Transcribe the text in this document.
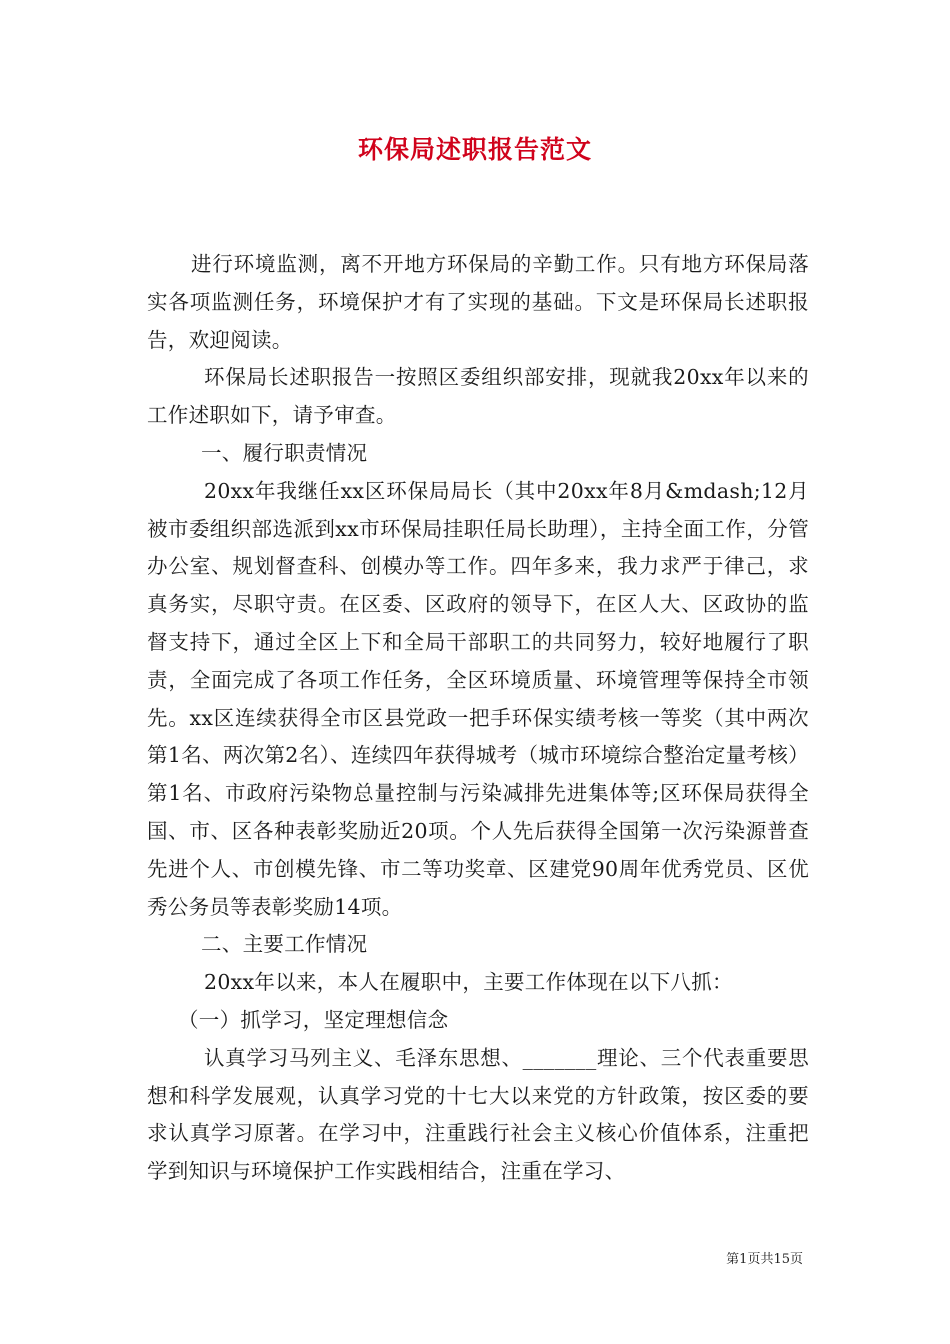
环保局述职报告范文

进行环境监测，离不开地方环保局的辛勤工作。只有地方环保局落实各项监测任务，环境保护才有了实现的基础。下文是环保局长述职报告，欢迎阅读。

环保局长述职报告一按照区委组织部安排，现就我20xx年以来的工作述职如下，请予审查。

一、履行职责情况

20xx年我继任xx区环保局局长（其中20xx年8月&mdash;12月被市委组织部选派到xx市环保局挂职任局长助理），主持全面工作，分管办公室、规划督查科、创模办等工作。四年多来，我力求严于律己，求真务实，尽职守责。在区委、区政府的领导下，在区人大、区政协的监督支持下，通过全区上下和全局干部职工的共同努力，较好地履行了职责，全面完成了各项工作任务，全区环境质量、环境管理等保持全市领先。xx区连续获得全市区县党政一把手环保实绩考核一等奖（其中两次第1名、两次第2名）、连续四年获得城考（城市环境综合整治定量考核）第1名、市政府污染物总量控制与污染减排先进集体等;区环保局获得全国、市、区各种表彰奖励近20项。个人先后获得全国第一次污染源普查先进个人、市创模先锋、市二等功奖章、区建党90周年优秀党员、区优秀公务员等表彰奖励14项。

二、主要工作情况

20xx年以来，本人在履职中，主要工作体现在以下八抓：

（一）抓学习，坚定理想信念

认真学习马列主义、毛泽东思想、_______理论、三个代表重要思想和科学发展观，认真学习党的十七大以来党的方针政策，按区委的要求认真学习原著。在学习中，注重践行社会主义核心价值体系，注重把学到知识与环境保护工作实践相结合，注重在学习、

第1页共15页
